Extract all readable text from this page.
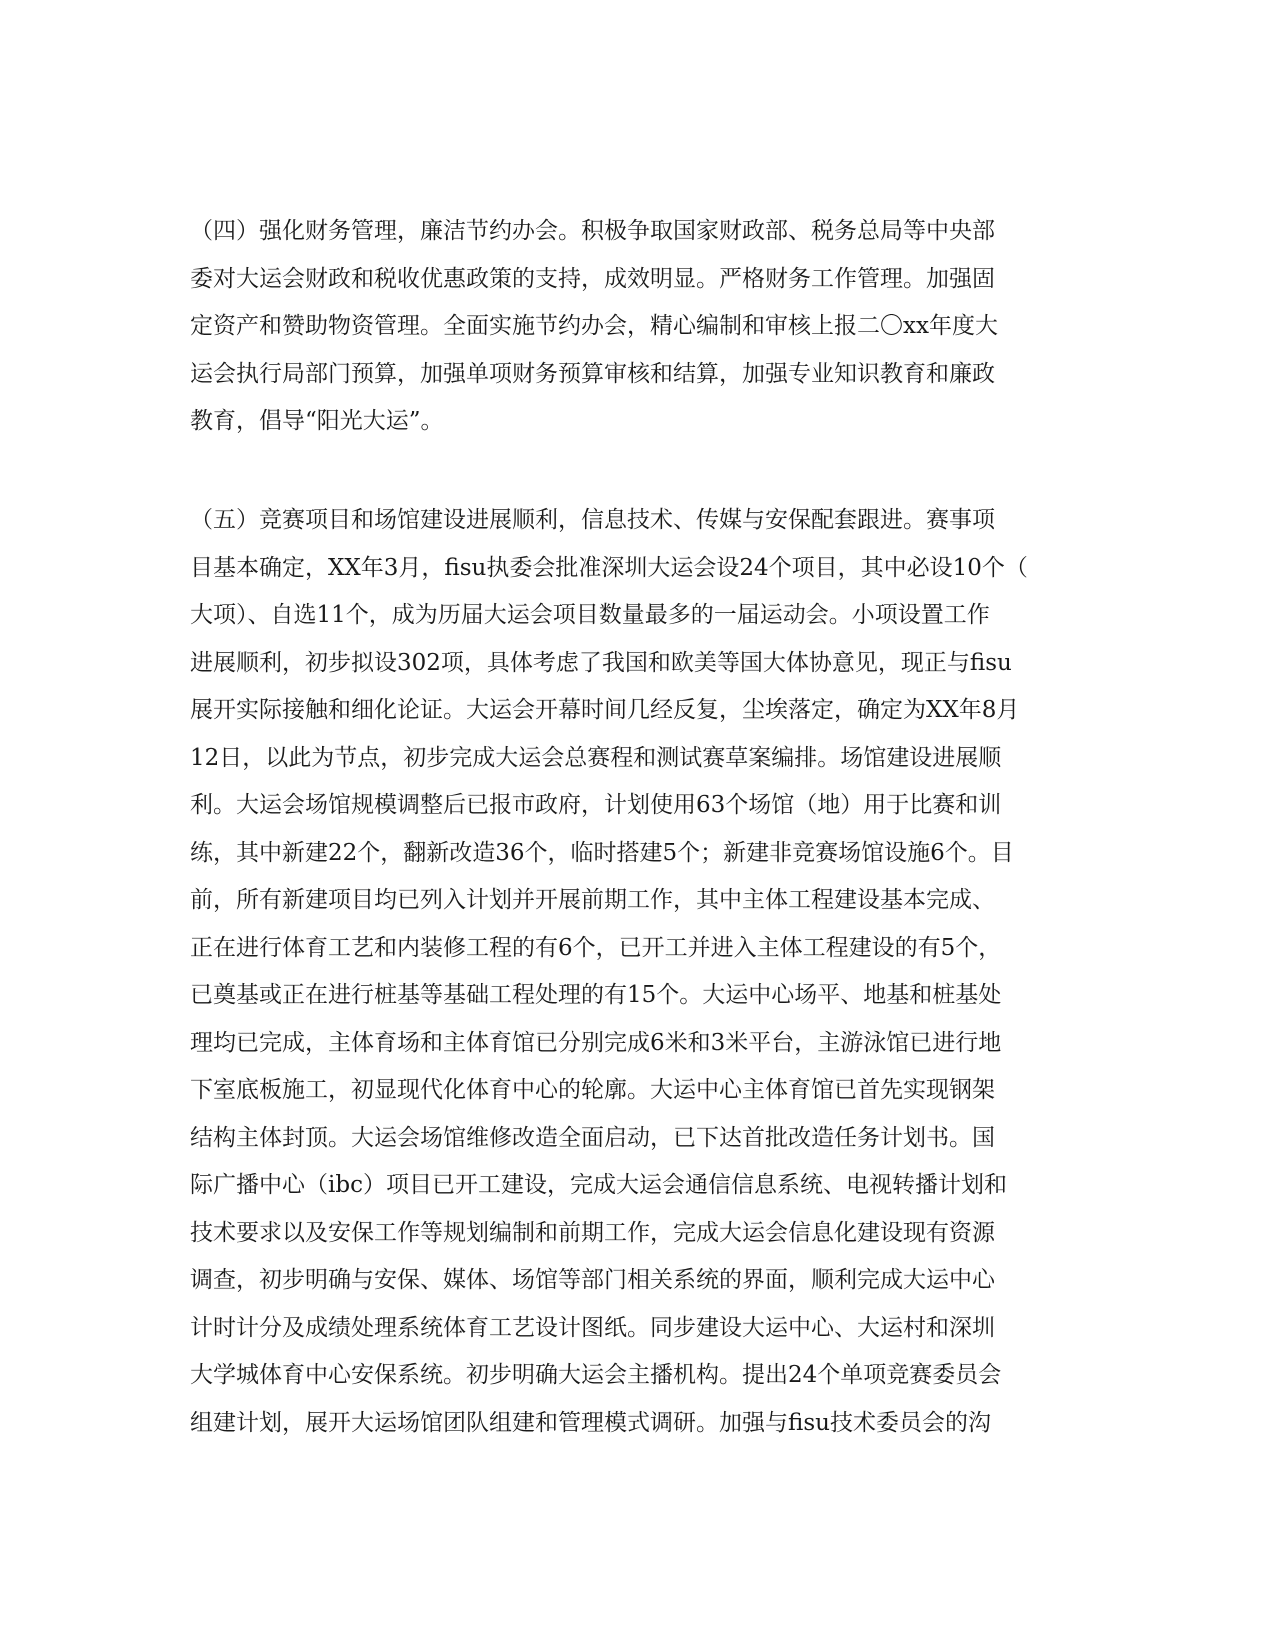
（四）强化财务管理，廉洁节约办会。积极争取国家财政部、税务总局等中央部
委对大运会财政和税收优惠政策的支持，成效明显。严格财务工作管理。加强固
定资产和赞助物资管理。全面实施节约办会，精心编制和审核上报二〇xx年度大
运会执行局部门预算，加强单项财务预算审核和结算，加强专业知识教育和廉政
教育，倡导“阳光大运”。
（五）竞赛项目和场馆建设进展顺利，信息技术、传媒与安保配套跟进。赛事项
目基本确定，XX年3月，fisu执委会批准深圳大运会设24个项目，其中必设10个（
大项）、自选11个，成为历届大运会项目数量最多的一届运动会。小项设置工作
进展顺利，初步拟设302项，具体考虑了我国和欧美等国大体协意见，现正与fisu
展开实际接触和细化论证。大运会开幕时间几经反复，尘埃落定，确定为XX年8月
12日，以此为节点，初步完成大运会总赛程和测试赛草案编排。场馆建设进展顺
利。大运会场馆规模调整后已报市政府，计划使用63个场馆（地）用于比赛和训
练，其中新建22个，翻新改造36个，临时搭建5个；新建非竞赛场馆设施6个。目
前，所有新建项目均已列入计划并开展前期工作，其中主体工程建设基本完成、
正在进行体育工艺和内装修工程的有6个，已开工并进入主体工程建设的有5个，
已奠基或正在进行桩基等基础工程处理的有15个。大运中心场平、地基和桩基处
理均已完成，主体育场和主体育馆已分别完成6米和3米平台，主游泳馆已进行地
下室底板施工，初显现代化体育中心的轮廓。大运中心主体育馆已首先实现钢架
结构主体封顶。大运会场馆维修改造全面启动，已下达首批改造任务计划书。国
际广播中心（ibc）项目已开工建设，完成大运会通信信息系统、电视转播计划和
技术要求以及安保工作等规划编制和前期工作，完成大运会信息化建设现有资源
调查，初步明确与安保、媒体、场馆等部门相关系统的界面，顺利完成大运中心
计时计分及成绩处理系统体育工艺设计图纸。同步建设大运中心、大运村和深圳
大学城体育中心安保系统。初步明确大运会主播机构。提出24个单项竞赛委员会
组建计划，展开大运场馆团队组建和管理模式调研。加强与fisu技术委员会的沟
